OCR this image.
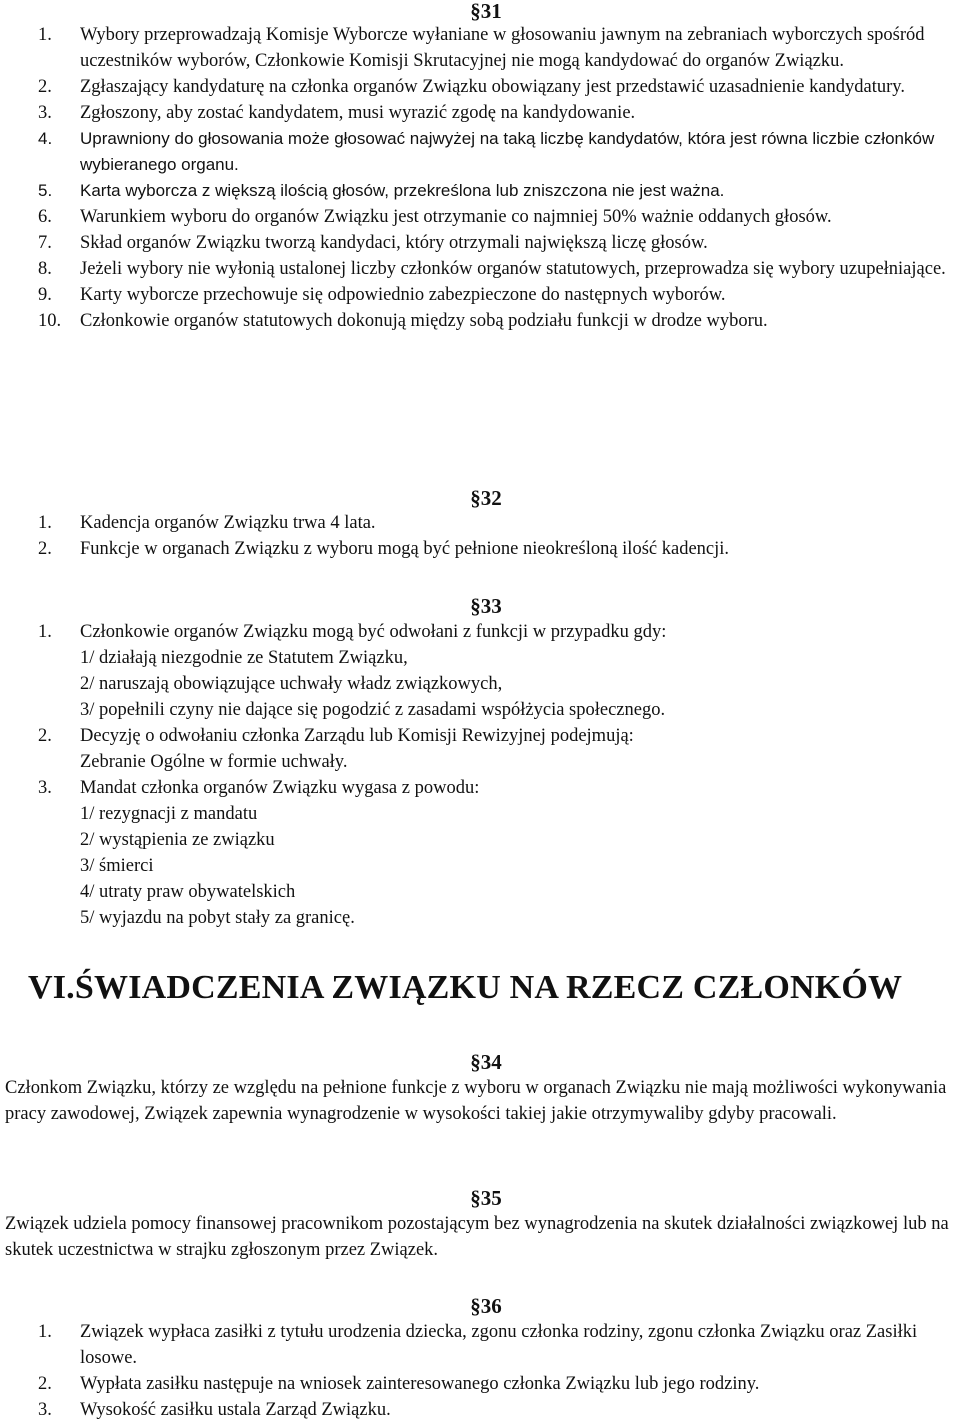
§31
1. Wybory przeprowadzają Komisje Wyborcze wyłaniane w głosowaniu jawnym na zebraniach wyborczych spośród uczestników wyborów, Członkowie Komisji Skrutacyjnej nie mogą kandydować do organów Związku.
2. Zgłaszający kandydaturę na członka organów Związku obowiązany jest przedstawić uzasadnienie kandydatury.
3. Zgłoszony, aby zostać kandydatem, musi wyrazić zgodę na kandydowanie.
4. Uprawniony do głosowania może głosować najwyżej na taką liczbę kandydatów, która jest równa liczbie członków wybieranego organu.
5. Karta wyborcza z większą ilością głosów, przekreślona lub zniszczona nie jest ważna.
6. Warunkiem wyboru do organów Związku jest otrzymanie co najmniej 50% ważnie oddanych głosów.
7. Skład organów Związku tworzą kandydaci, który otrzymali największą liczę głosów.
8. Jeżeli wybory nie wyłonią ustalonej liczby członków organów statutowych, przeprowadza się wybory uzupełniające.
9. Karty wyborcze przechowuje się odpowiednio zabezpieczone do następnych wyborów.
10. Członkowie organów statutowych dokonują między sobą podziału funkcji w drodze wyboru.
§32
1. Kadencja organów Związku trwa 4 lata.
2. Funkcje w organach Związku z wyboru mogą być pełnione nieokreśloną ilość kadencji.
§33
1. Członkowie organów Związku mogą być odwołani z funkcji w przypadku gdy:
1/ działają niezgodnie ze Statutem Związku,
2/ naruszają obowiązujące uchwały władz związkowych,
3/ popełnili czyny nie dające się pogodzić z zasadami współżycia społecznego.
2. Decyzję o odwołaniu członka Zarządu lub Komisji Rewizyjnej podejmują:
Zebranie Ogólne w formie uchwały.
3. Mandat członka organów Związku wygasa z powodu:
1/ rezygnacji z mandatu
2/ wystąpienia ze związku
3/ śmierci
4/ utraty praw obywatelskich
5/ wyjazdu na pobyt stały za granicę.
VI.ŚWIADCZENIA ZWIĄZKU NA RZECZ CZŁONKÓW
§34
Członkom Związku, którzy ze względu na pełnione funkcje z wyboru w organach Związku nie mają możliwości wykonywania pracy zawodowej, Związek zapewnia wynagrodzenie w wysokości takiej jakie otrzymywaliby gdyby pracowali.
§35
Związek udziela pomocy finansowej pracownikom pozostającym bez wynagrodzenia na skutek działalności związkowej lub na skutek uczestnictwa w strajku zgłoszonym przez Związek.
§36
1. Związek wypłaca zasiłki z tytułu urodzenia dziecka, zgonu członka rodziny, zgonu członka Związku oraz Zasiłki losowe.
2. Wypłata zasiłku następuje na wniosek zainteresowanego członka Związku lub jego rodziny.
3. Wysokość zasiłku ustala Zarząd Związku.
